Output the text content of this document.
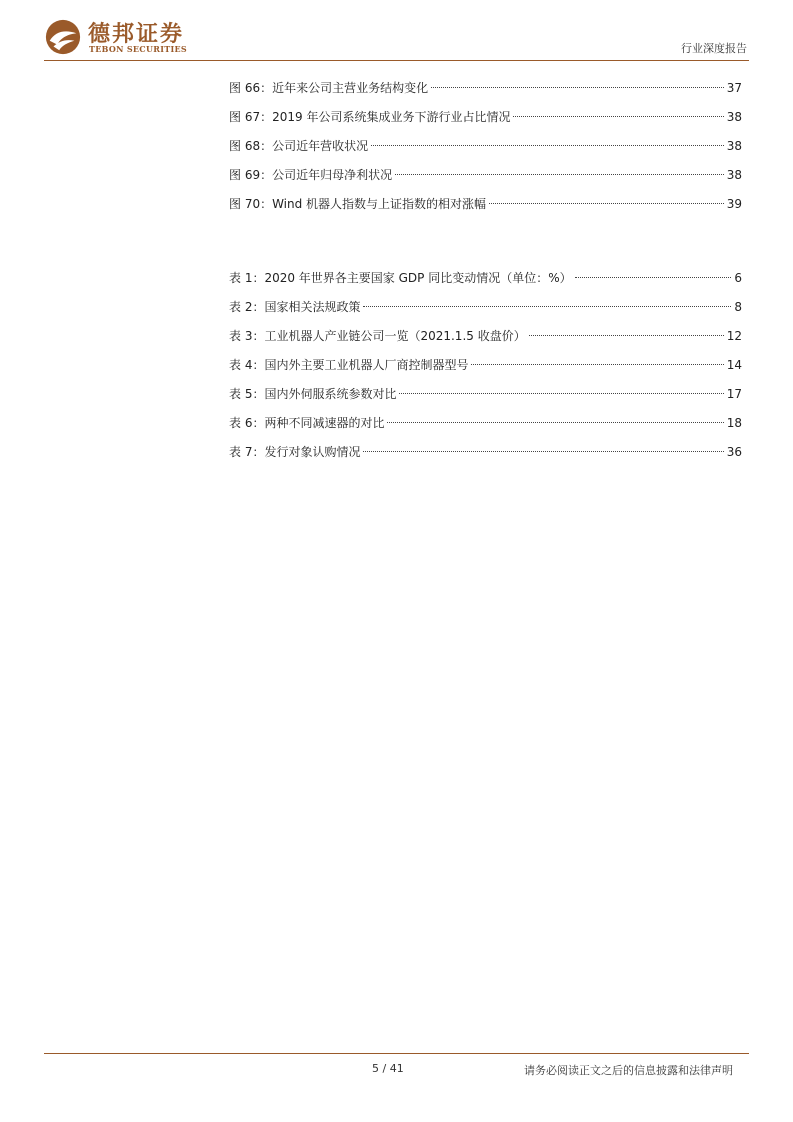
德邦证券
TEBON SECURITIES	行业深度报告
图 66：近年来公司主营业务结构变化	37
图 67：2019 年公司系统集成业务下游行业占比情况	38
图 68：公司近年营收状况	38
图 69：公司近年归母净利状况	38
图 70：Wind 机器人指数与上证指数的相对涨幅	39
表 1：2020 年世界各主要国家 GDP 同比变动情况（单位：%）	6
表 2：国家相关法规政策	8
表 3：工业机器人产业链公司一览（2021.1.5 收盘价）	12
表 4：国内外主要工业机器人厂商控制器型号	14
表 5：国内外伺服系统参数对比	17
表 6：两种不同减速器的对比	18
表 7：发行对象认购情况	36
5 / 41	请务必阅读正文之后的信息披露和法律声明
